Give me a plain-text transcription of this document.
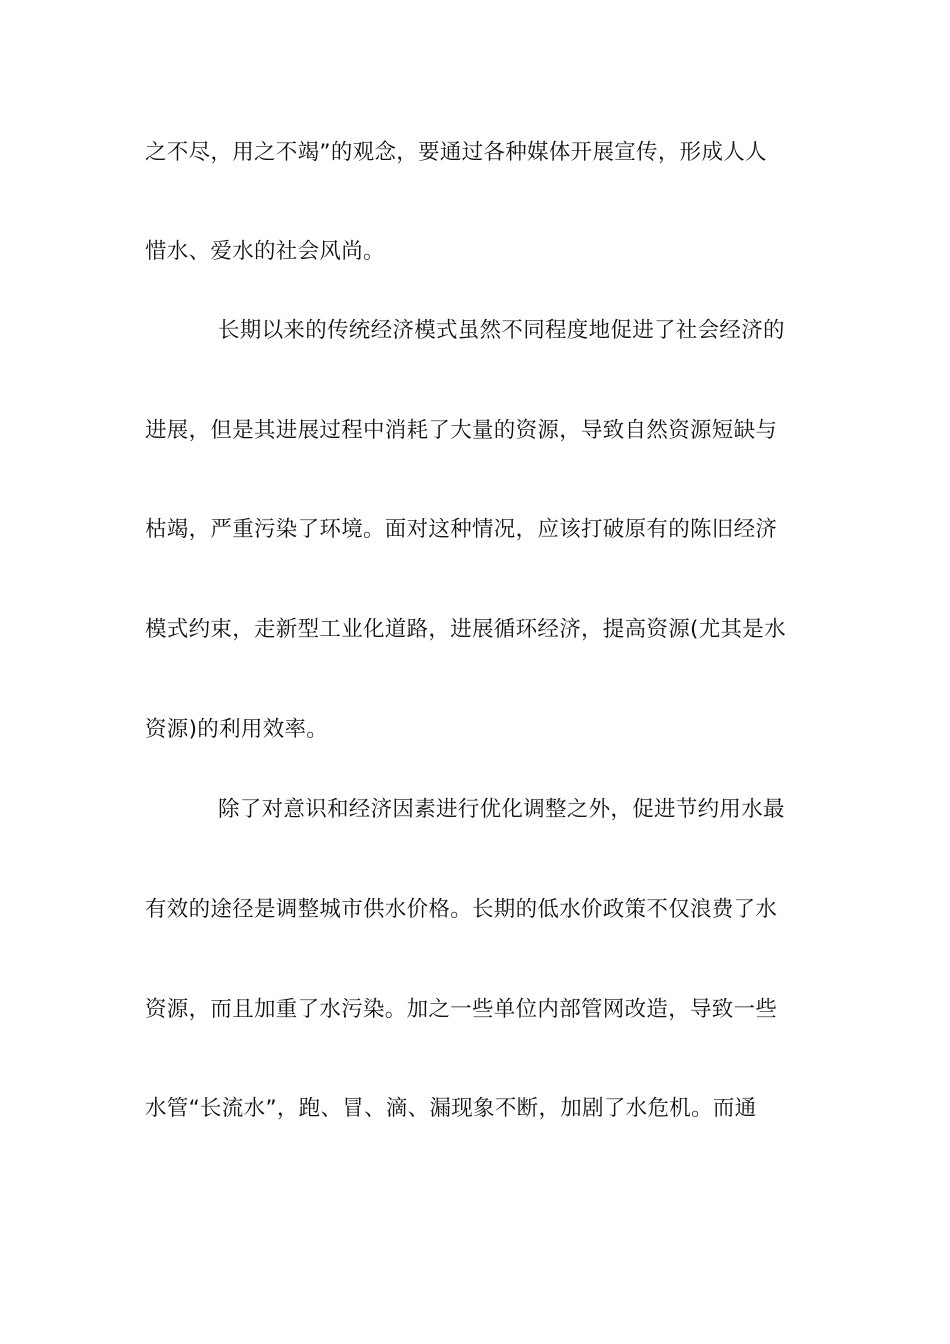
之不尽，用之不竭”的观念，要通过各种媒体开展宣传，形成人人
惜水、爱水的社会风尚。
长期以来的传统经济模式虽然不同程度地促进了社会经济的
进展，但是其进展过程中消耗了大量的资源，导致自然资源短缺与
枯竭，严重污染了环境。面对这种情况，应该打破原有的陈旧经济
模式约束，走新型工业化道路，进展循环经济，提高资源(尤其是水
资源)的利用效率。
除了对意识和经济因素进行优化调整之外，促进节约用水最
有效的途径是调整城市供水价格。长期的低水价政策不仅浪费了水
资源，而且加重了水污染。加之一些单位内部管网改造，导致一些
水管“长流水”，跑、冒、滴、漏现象不断，加剧了水危机。而通
